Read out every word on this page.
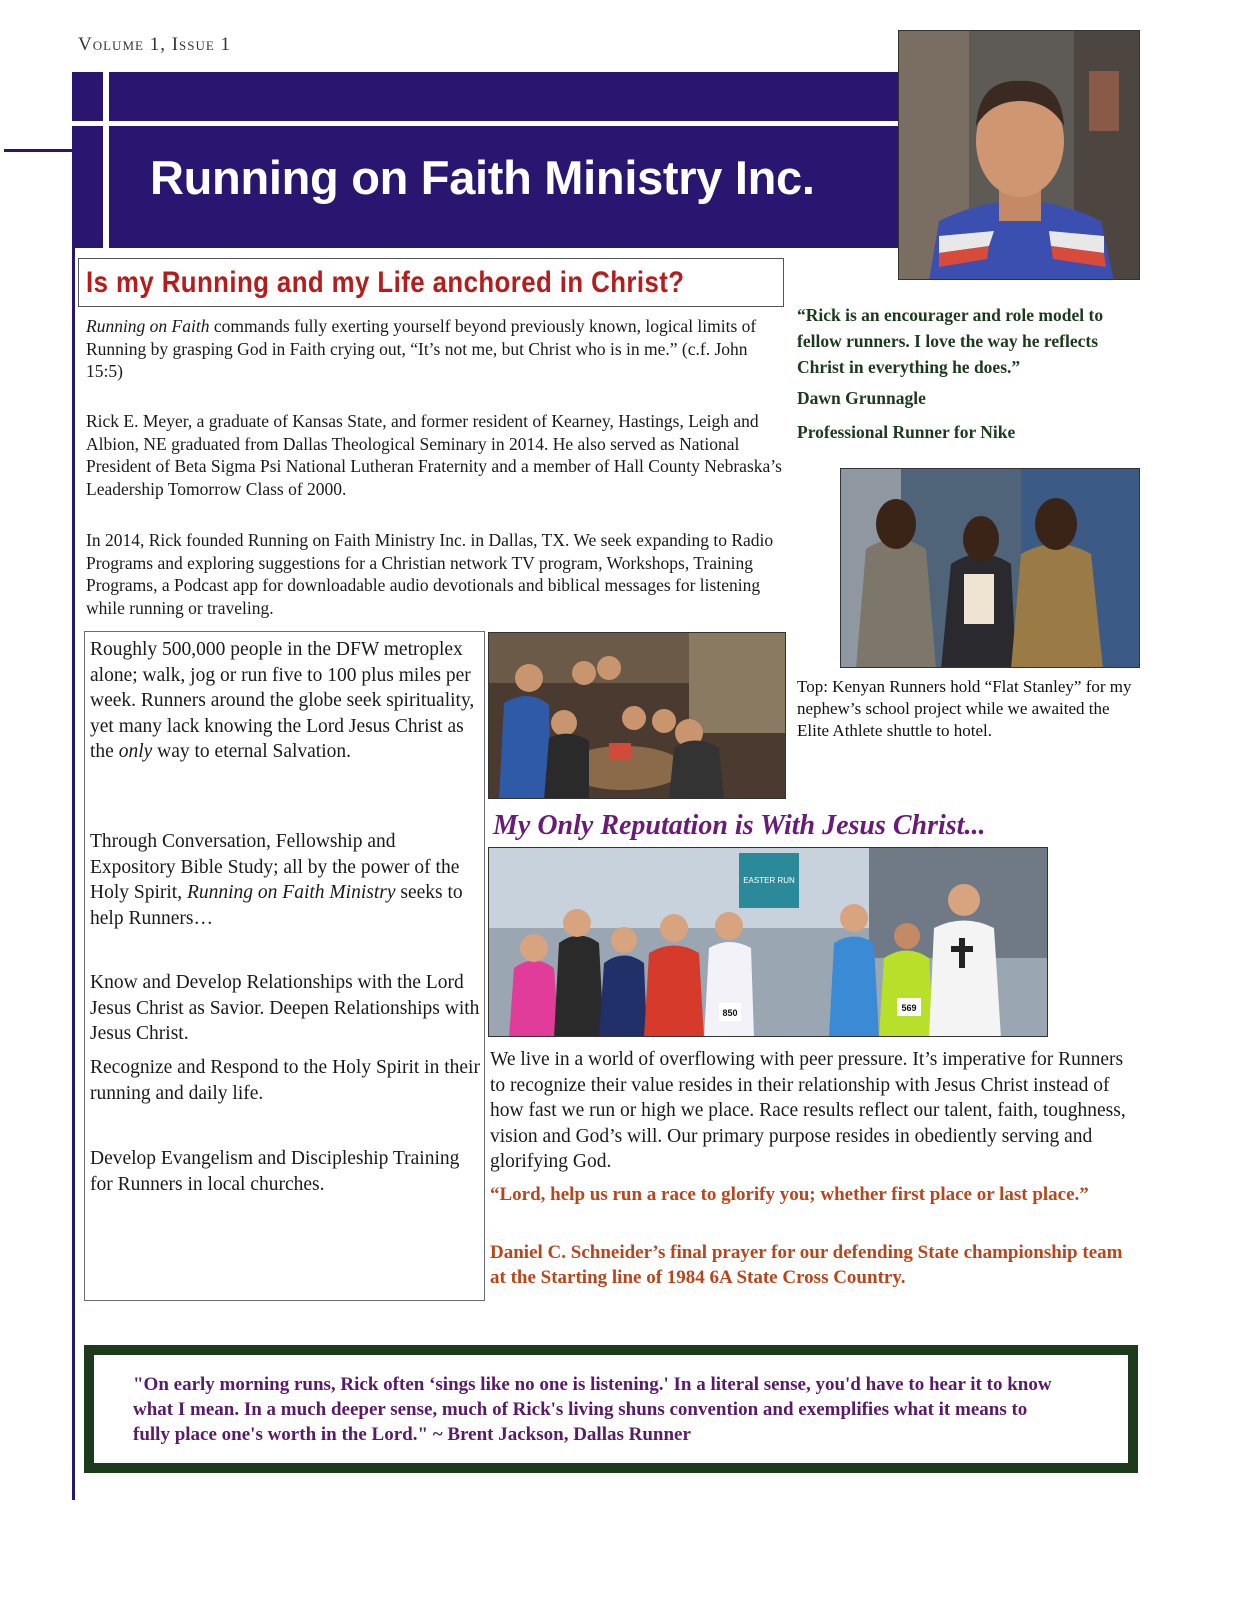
Volume 1, Issue 1
Running on Faith Ministry Inc.
Is my Running and my Life anchored in Christ?
Running on Faith commands fully exerting yourself beyond previously known, logical limits of Running by grasping God in Faith crying out, “It’s not me, but Christ who is in me.” (c.f. John 15:5)
Rick E. Meyer, a graduate of Kansas State, and former resident of Kearney, Hastings, Leigh and Albion, NE graduated from Dallas Theological Seminary in 2014. He also served as National President of Beta Sigma Psi National Lutheran Fraternity and a member of Hall County Nebraska’s Leadership Tomorrow Class of 2000.
In 2014, Rick founded Running on Faith Ministry Inc. in Dallas, TX. We seek expanding to Radio Programs and exploring suggestions for a Christian network TV program, Workshops, Training Programs, a Podcast app for downloadable audio devotionals and biblical messages for listening while running or traveling.
“Rick is an encourager and role model to fellow runners. I love the way he reflects Christ in everything he does.”
Dawn Grunnagle
Professional Runner for Nike
Top: Kenyan Runners hold “Flat Stanley” for my nephew’s school project while we awaited the Elite Athlete shuttle to hotel.
Roughly 500,000 people in the DFW metroplex alone; walk, jog or run five to 100 plus miles per week. Runners around the globe seek spirituality, yet many lack knowing the Lord Jesus Christ as the only way to eternal Salvation.
Through Conversation, Fellowship and Expository Bible Study; all by the power of the Holy Spirit, Running on Faith Ministry seeks to help Runners…
Know and Develop Relationships with the Lord Jesus Christ as Savior. Deepen Relationships with Jesus Christ.
Recognize and Respond to the Holy Spirit in their running and daily life.
Develop Evangelism and Discipleship Training for Runners in local churches.
My Only Reputation is With Jesus Christ...
EASTER RUN
850	569
We live in a world of overflowing with peer pressure. It’s imperative for Runners to recognize their value resides in their relationship with Jesus Christ instead of how fast we run or high we place. Race results reflect our talent, faith, toughness, vision and God’s will. Our primary purpose resides in obediently serving and glorifying God.
“Lord, help us run a race to glorify you; whether first place or last place.”
Daniel C. Schneider’s final prayer for our defending State championship team at the Starting line of 1984 6A State Cross Country.
"On early morning runs, Rick often ‘sings like no one is listening.' In a literal sense, you'd have to hear it to know what I mean. In a much deeper sense, much of Rick's living shuns convention and exemplifies what it means to fully place one's worth in the Lord." ~ Brent Jackson, Dallas Runner
